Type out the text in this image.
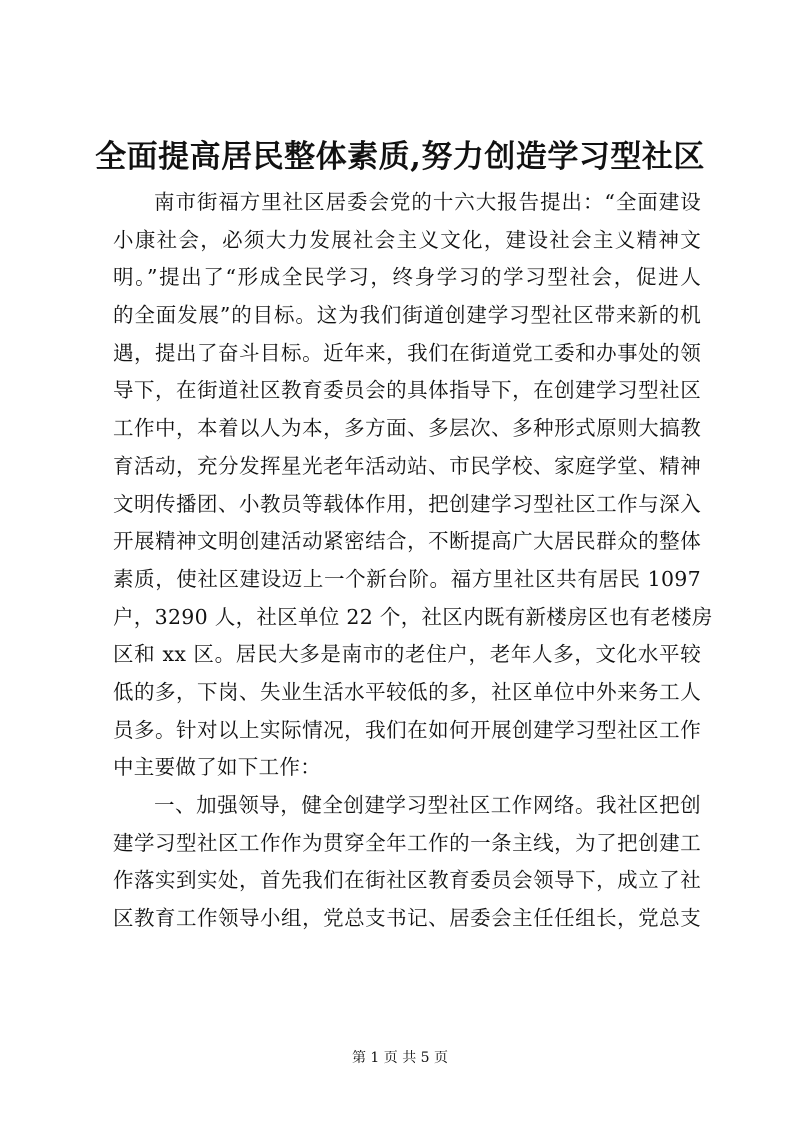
全面提高居民整体素质,努力创造学习型社区
南市街福方里社区居委会党的十六大报告提出：“全面建设
小康社会，必须大力发展社会主义文化，建设社会主义精神文
明。”提出了“形成全民学习，终身学习的学习型社会，促进人
的全面发展”的目标。这为我们街道创建学习型社区带来新的机
遇，提出了奋斗目标。近年来，我们在街道党工委和办事处的领
导下，在街道社区教育委员会的具体指导下，在创建学习型社区
工作中，本着以人为本，多方面、多层次、多种形式原则大搞教
育活动，充分发挥星光老年活动站、市民学校、家庭学堂、精神
文明传播团、小教员等载体作用，把创建学习型社区工作与深入
开展精神文明创建活动紧密结合，不断提高广大居民群众的整体
素质，使社区建设迈上一个新台阶。福方里社区共有居民 1097
户，3290 人，社区单位 22 个，社区内既有新楼房区也有老楼房
区和 xx 区。居民大多是南市的老住户，老年人多，文化水平较
低的多，下岗、失业生活水平较低的多，社区单位中外来务工人
员多。针对以上实际情况，我们在如何开展创建学习型社区工作
中主要做了如下工作：
一、加强领导，健全创建学习型社区工作网络。我社区把创
建学习型社区工作作为贯穿全年工作的一条主线，为了把创建工
作落实到实处，首先我们在街社区教育委员会领导下，成立了社
区教育工作领导小组，党总支书记、居委会主任任组长，党总支
第 1 页 共 5 页
